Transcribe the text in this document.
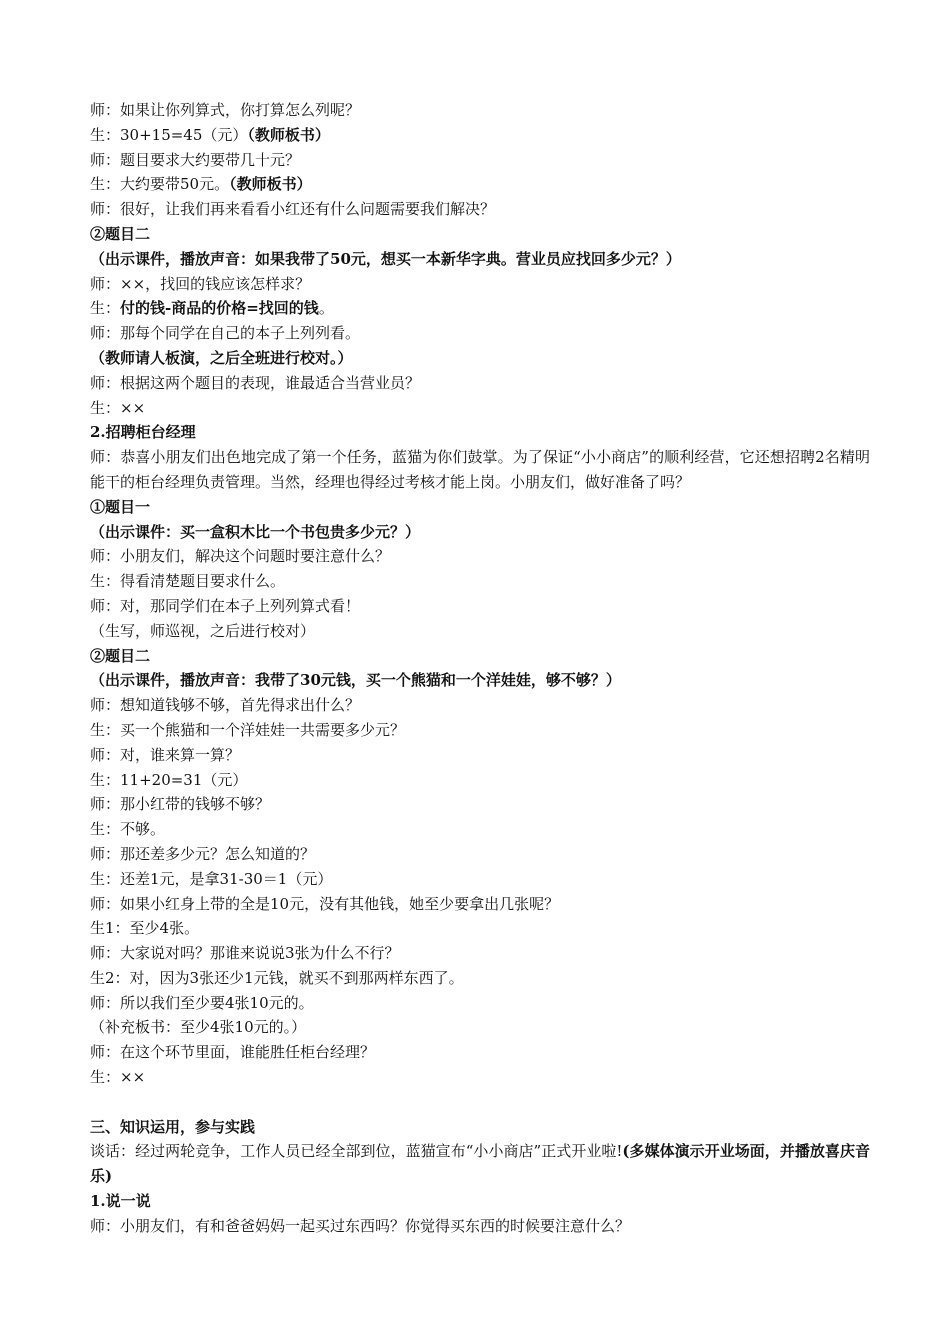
师：如果让你列算式，你打算怎么列呢？
生：30+15=45（元）（教师板书）
师：题目要求大约要带几十元？
生：大约要带50元。（教师板书）
师：很好，让我们再来看看小红还有什么问题需要我们解决？
②题目二
（出示课件，播放声音：如果我带了50元，想买一本新华字典。营业员应找回多少元？）
师：××，找回的钱应该怎样求？
生：付的钱-商品的价格=找回的钱。
师：那每个同学在自己的本子上列列看。
（教师请人板演，之后全班进行校对。）
师：根据这两个题目的表现，谁最适合当营业员？
生：××
2.招聘柜台经理
师：恭喜小朋友们出色地完成了第一个任务，蓝猫为你们鼓掌。为了保证“小小商店”的顺利经营，它还想招聘2名精明能干的柜台经理负责管理。当然，经理也得经过考核才能上岗。小朋友们，做好准备了吗？
①题目一
（出示课件：买一盒积木比一个书包贵多少元？）
师：小朋友们，解决这个问题时要注意什么？
生：得看清楚题目要求什么。
师：对，那同学们在本子上列列算式看！
（生写，师巡视，之后进行校对）
②题目二
（出示课件，播放声音：我带了30元钱，买一个熊猫和一个洋娃娃，够不够？）
师：想知道钱够不够，首先得求出什么？
生：买一个熊猫和一个洋娃娃一共需要多少元？
师：对，谁来算一算？
生：11+20=31（元）
师：那小红带的钱够不够？
生：不够。
师：那还差多少元？怎么知道的？
生：还差1元，是拿31-30＝1（元）
师：如果小红身上带的全是10元，没有其他钱，她至少要拿出几张呢？
生1：至少4张。
师：大家说对吗？那谁来说说3张为什么不行？
生2：对，因为3张还少1元钱，就买不到那两样东西了。
师：所以我们至少要4张10元的。
（补充板书：至少4张10元的。）
师：在这个环节里面，谁能胜任柜台经理？
生：××
三、知识运用，参与实践
谈话：经过两轮竞争，工作人员已经全部到位，蓝猫宣布“小小商店”正式开业啦!(多媒体演示开业场面，并播放喜庆音乐)
1.说一说
师：小朋友们，有和爸爸妈妈一起买过东西吗？你觉得买东西的时候要注意什么？
